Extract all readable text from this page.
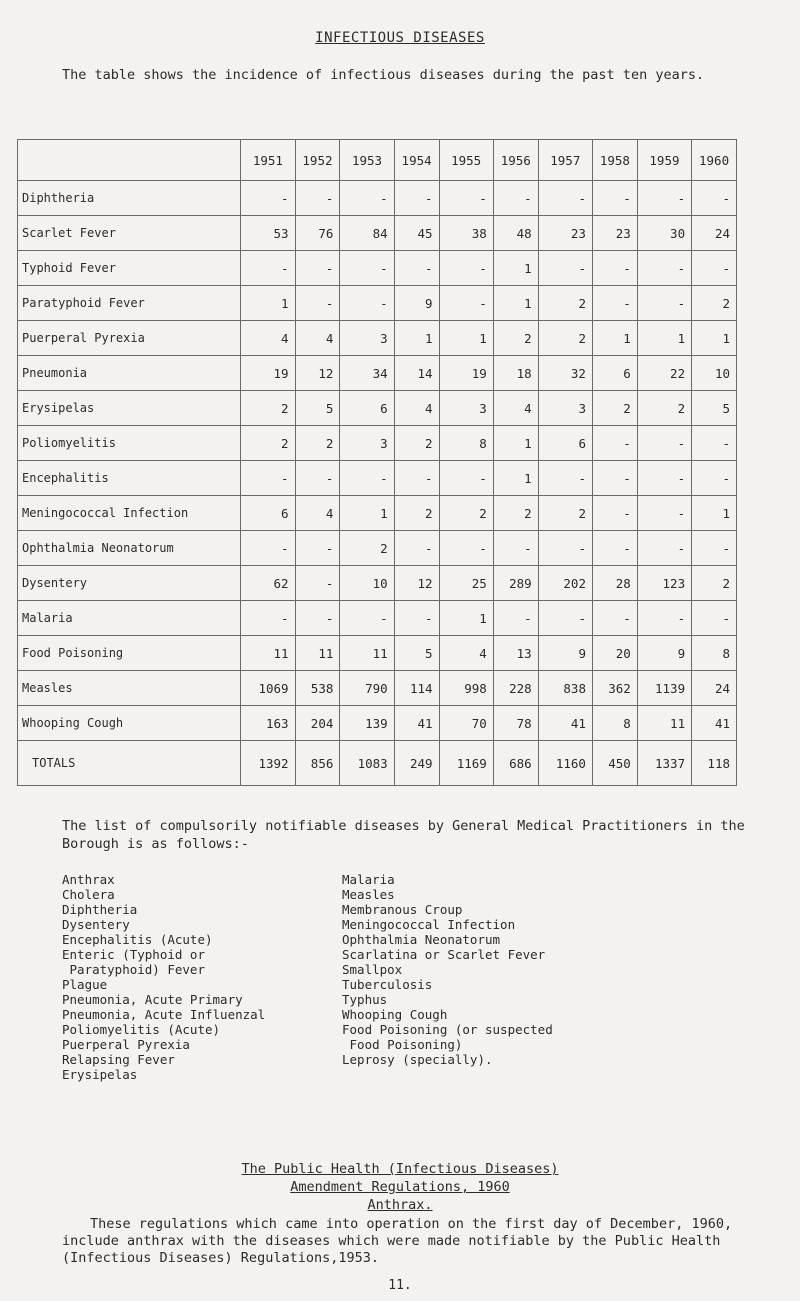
INFECTIOUS DISEASES
The table shows the incidence of infectious diseases during the past ten years.
	1951	1952	1953	1954	1955	1956	1957	1958	1959	1960
Diphtheria	-	-	-	-	-	-	-	-	-	-
Scarlet Fever	53	76	84	45	38	48	23	23	30	24
Typhoid Fever	-	-	-	-	-	1	-	-	-	-
Paratyphoid Fever	1	-	-	9	-	1	2	-	-	2
Puerperal Pyrexia	4	4	3	1	1	2	2	1	1	1
Pneumonia	19	12	34	14	19	18	32	6	22	10
Erysipelas	2	5	6	4	3	4	3	2	2	5
Poliomyelitis	2	2	3	2	8	1	6	-	-	-
Encephalitis	-	-	-	-	-	1	-	-	-	-
Meningococcal Infection	6	4	1	2	2	2	2	-	-	1
Ophthalmia Neonatorum	-	-	2	-	-	-	-	-	-	-
Dysentery	62	-	10	12	25	289	202	28	123	2
Malaria	-	-	-	-	1	-	-	-	-	-
Food Poisoning	11	11	11	5	4	13	9	20	9	8
Measles	1069	538	790	114	998	228	838	362	1139	24
Whooping Cough	163	204	139	41	70	78	41	8	11	41
TOTALS	1392	856	1083	249	1169	686	1160	450	1337	118
The list of compulsorily notifiable diseases by General Medical Practitioners in the Borough is as follows:-
Anthrax
Cholera
Diphtheria
Dysentery
Encephalitis (Acute)
Enteric (Typhoid or
Paratyphoid) Fever
Plague
Pneumonia, Acute Primary
Pneumonia, Acute Influenzal
Poliomyelitis (Acute)
Puerperal Pyrexia
Relapsing Fever
Erysipelas
Malaria
Measles
Membranous Croup
Meningococcal Infection
Ophthalmia Neonatorum
Scarlatina or Scarlet Fever
Smallpox
Tuberculosis
Typhus
Whooping Cough
Food Poisoning (or suspected
Food Poisoning)
Leprosy (specially).
The Public Health (Infectious Diseases)
Amendment Regulations, 1960
Anthrax.
These regulations which came into operation on the first day of December, 1960, include anthrax with the diseases which were made notifiable by the Public Health (Infectious Diseases) Regulations,1953.
11.
